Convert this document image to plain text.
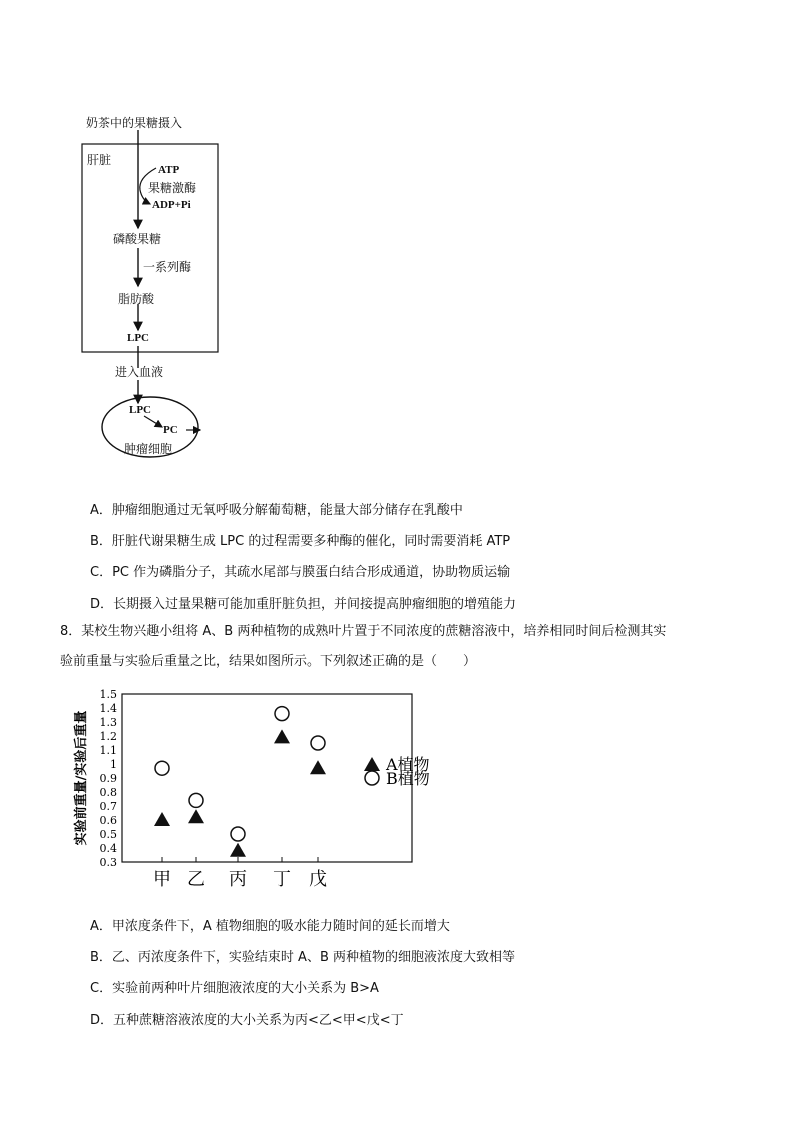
奶茶中的果糖摄入
肝脏
ATP
果糖激酶
ADP+Pi
磷酸果糖
一系列酶
脂肪酸
LPC
进入血液
LPC
PC
肿瘤细胞
A．肿瘤细胞通过无氧呼吸分解葡萄糖，能量大部分储存在乳酸中
B．肝脏代谢果糖生成 LPC 的过程需要多种酶的催化，同时需要消耗 ATP
C．PC 作为磷脂分子，其疏水尾部与膜蛋白结合形成通道，协助物质运输
D．长期摄入过量果糖可能加重肝脏负担，并间接提高肿瘤细胞的增殖能力
8．某校生物兴趣小组将 A、B 两种植物的成熟叶片置于不同浓度的蔗糖溶液中，培养相同时间后检测其实
验前重量与实验后重量之比，结果如图所示。下列叙述正确的是（　　）
实验前重量/实验后重量
0.3
0.4
0.5
0.6
0.7
0.8
0.9
1
1.1
1.2
1.3
1.4
1.5
甲 乙 丙 丁 戊
A植物
B植物
A．甲浓度条件下，A 植物细胞的吸水能力随时间的延长而增大
B．乙、丙浓度条件下，实验结束时 A、B 两种植物的细胞液浓度大致相等
C．实验前两种叶片细胞液浓度的大小关系为 B>A
D．五种蔗糖溶液浓度的大小关系为丙<乙<甲<戊<丁
